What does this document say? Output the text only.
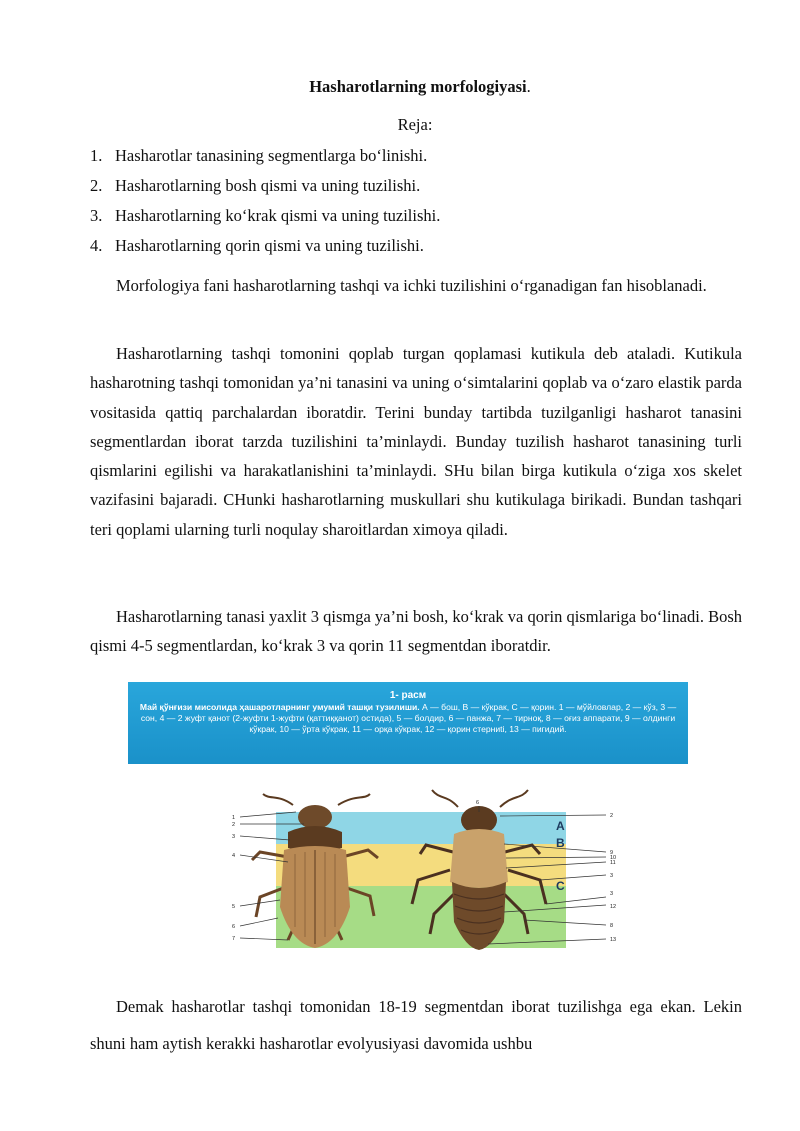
Hasharotlarning morfologiyasi.
Reja:
1. Hasharotlar tanasining segmentlarga bo‘linishi.
2. Hasharotlarning bosh qismi va uning tuzilishi.
3. Hasharotlarning ko‘krak qismi va uning tuzilishi.
4. Hasharotlarning qorin qismi va uning tuzilishi.

Morfologiya fani hasharotlarning tashqi va ichki tuzilishini o‘rganadigan fan hisoblanadi.

Hasharotlarning tashqi tomonini qoplab turgan qoplamasi kutikula deb ataladi. Kutikula hasharotning tashqi tomonidan ya’ni tanasini va uning o‘simtalarini qoplab va o‘zaro elastik parda vositasida qattiq parchalardan iboratdir. Terini bunday tartibda tuzilganligi hasharot tanasini segmentlardan iborat tarzda tuzilishini ta’minlaydi. Bunday tuzilish hasharot tanasining turli qismlarini egilishi va harakatlanishini ta’minlaydi. SHu bilan birga kutikula o‘ziga xos skelet vazifasini bajaradi. CHunki hasharotlarning muskullari shu kutikulaga birikadi. Bundan tashqari teri qoplami ularning turli noqulay sharoitlardan ximoya qiladi.

Hasharotlarning tanasi yaxlit 3 qismga ya’ni bosh, ko‘krak va qorin qismlariga bo‘linadi. Bosh qismi 4-5 segmentlardan, ko‘krak 3 va qorin 11 segmentdan iboratdir.

1- расм
Май қўнғизи мисолида ҳашаротларнинг умумий ташқи тузилиши. А — бош, В — кўкрак, С — қорин. 1 — мўйловлар, 2 — кўз, 3 — сон, 4 — 2 жуфт қанот (2-жуфти 1-жуфти (қаттиққанот) остида), 5 — болдир, 6 — панжа, 7 — тирноқ, 8 — оғиз аппарати, 9 — олдинги кўкрак, 10 — ўрта кўкрак, 11 — орқа кўкрак, 12 — қорин стерниti, 13 — пигидий.
1
2
3
4
5
6
7
6
2
9
10
11
3
3
12
8
13
A
B
C

Demak hasharotlar tashqi tomonidan 18-19 segmentdan iborat tuzilishga ega ekan. Lekin shuni ham aytish kerakki hasharotlar evolyusiyasi davomida ushbu
